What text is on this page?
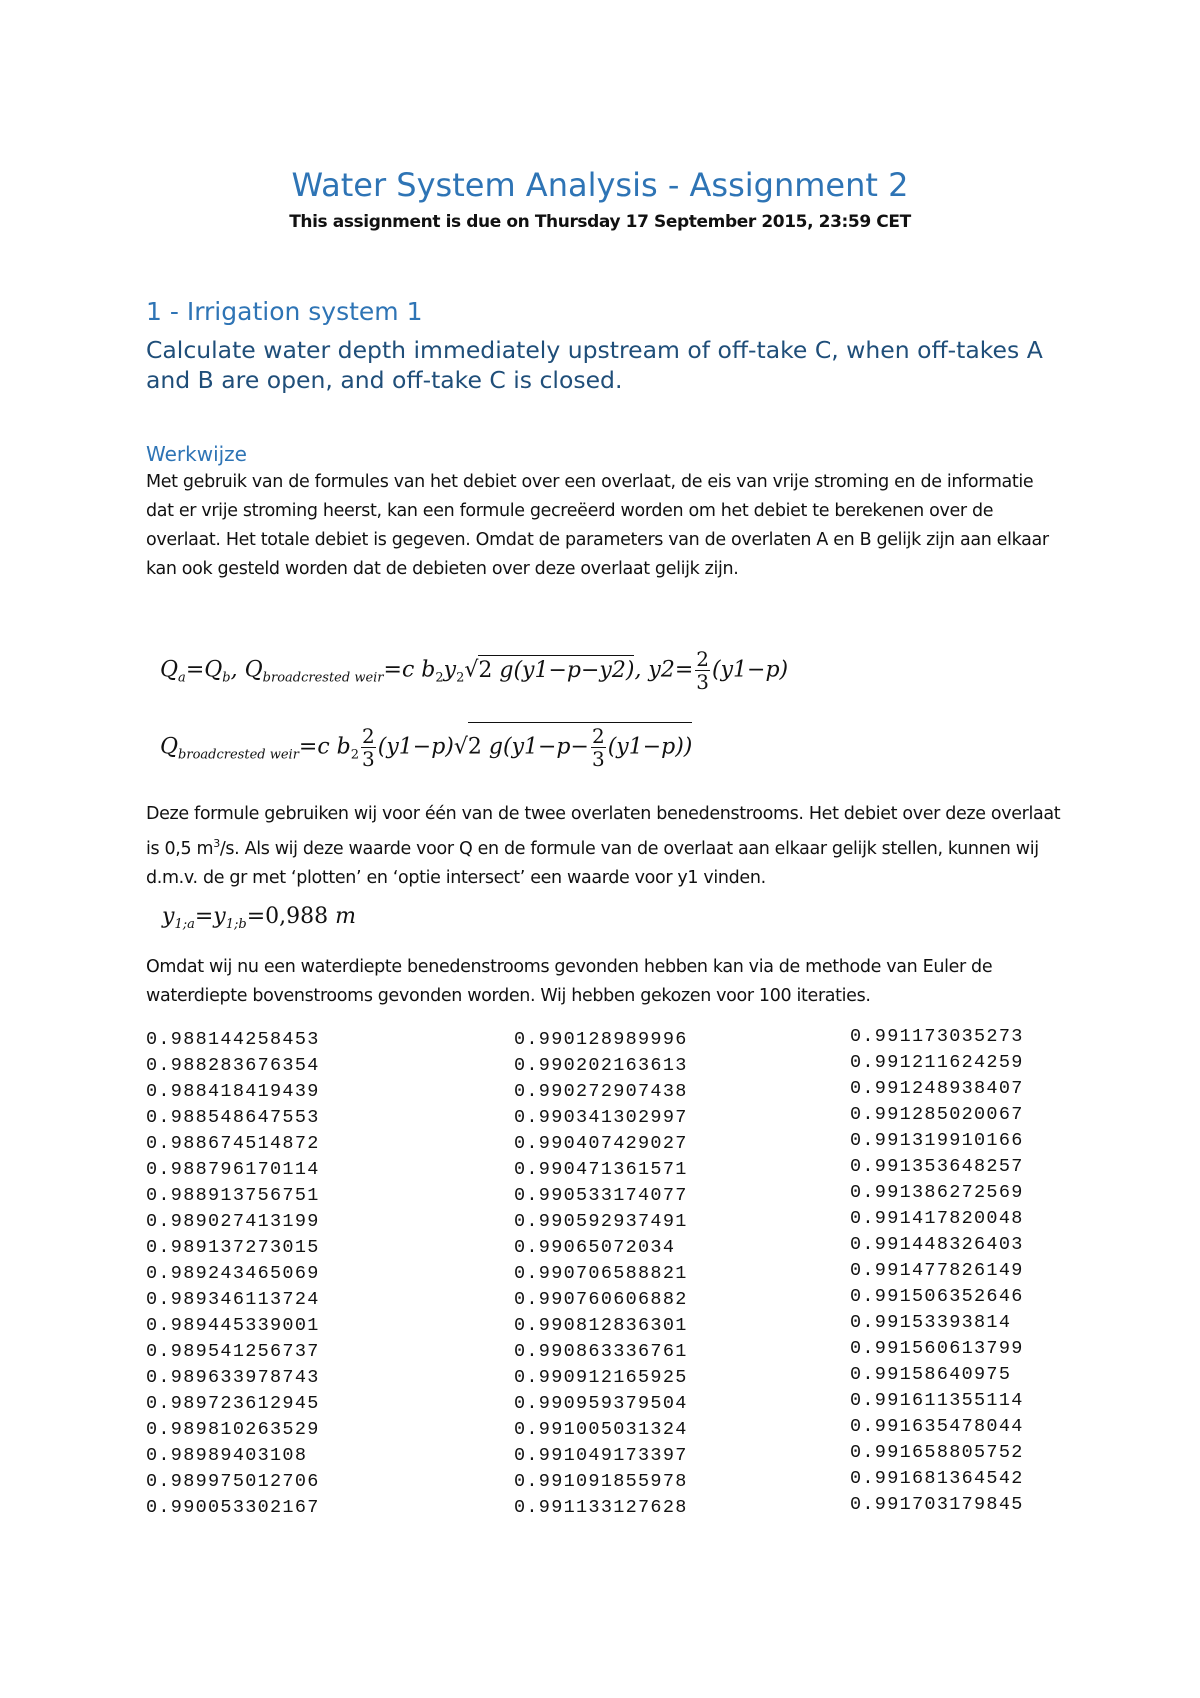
Water System Analysis - Assignment 2
This assignment is due on Thursday 17 September 2015, 23:59 CET
1 - Irrigation system 1
Calculate water depth immediately upstream of off-take C, when off-takes A and B are open, and off-take C is closed.
Werkwijze
Met gebruik van de formules van het debiet over een overlaat, de eis van vrije stroming en de informatie dat er vrije stroming heerst, kan een formule gecreëerd worden om het debiet te berekenen over de overlaat. Het totale debiet is gegeven. Omdat de parameters van de overlaten A en B gelijk zijn aan elkaar kan ook gesteld worden dat de debieten over deze overlaat gelijk zijn.
$Q_a=Q_b$, $Q_{broadcrested weir}=c$ $b_2y_2√2$ g(y1−p−y2), $y2= \frac{2}{3} (y1-p)$
$Q_{broadcrested weir}=c$ $b_2 \frac{2}{3} (y1-p)√2$ $g(y1-p- \frac{2}{3} (y1-p))$
Deze formule gebruiken wij voor één van de twee overlaten benedenstrooms. Het debiet over deze overlaat is 0,5 $m^3/s$. Als wij deze waarde voor Q en de formule van de overlaat aan elkaar gelijk stellen, kunnen wij d.m.v. de gr met ‘plotten’ en ‘optie intersect’ een waarde voor y1 vinden.
$y_{1;a}=y_{1;b}=0,988$ m
Omdat wij nu een waterdiepte benedenstrooms gevonden hebben kan via de methode van Euler de waterdiepte bovenstrooms gevonden worden. Wij hebben gekozen voor 100 iteraties.
0.988144258453
0.988283676354
0.988418419439
0.988548647553
0.988674514872
0.988796170114
0.988913756751
0.989027413199
0.989137273015
0.989243465069
0.989346113724
0.989445339001
0.989541256737
0.989633978743
0.989723612945
0.989810263529
0.98989403108
0.989975012706
0.990053302167
0.990128989996
0.990202163613
0.990272907438
0.990341302997
0.990407429027
0.990471361571
0.990533174077
0.990592937491
0.99065072034
0.990706588821
0.990760606882
0.990812836301
0.990863336761
0.990912165925
0.990959379504
0.991005031324
0.991049173397
0.991091855978
0.991133127628
0.991173035273
0.991211624259
0.991248938407
0.991285020067
0.991319910166
0.991353648257
0.991386272569
0.991417820048
0.991448326403
0.991477826149
0.991506352646
0.99153393814
0.991560613799
0.99158640975
0.991611355114
0.991635478044
0.991658805752
0.991681364542
0.991703179845
